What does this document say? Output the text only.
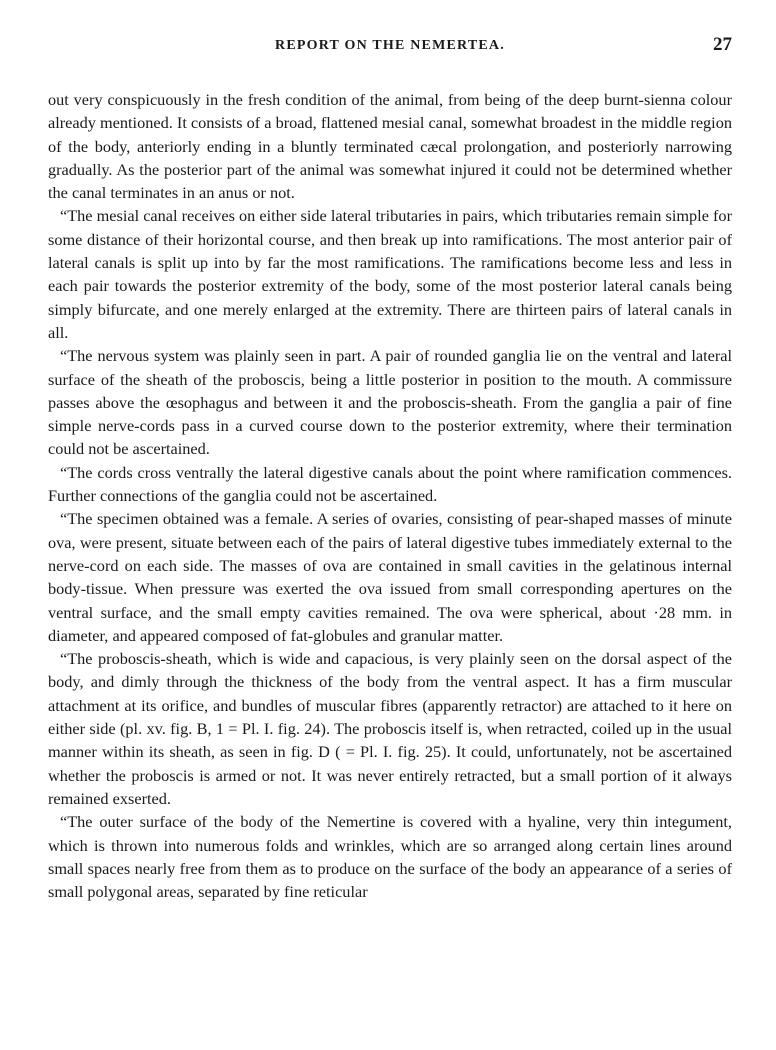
REPORT ON THE NEMERTEA.	27

out very conspicuously in the fresh condition of the animal, from being of the deep burnt-sienna colour already mentioned. It consists of a broad, flattened mesial canal, somewhat broadest in the middle region of the body, anteriorly ending in a bluntly terminated cæcal prolongation, and posteriorly narrowing gradually. As the posterior part of the animal was somewhat injured it could not be determined whether the canal terminates in an anus or not.

“The mesial canal receives on either side lateral tributaries in pairs, which tributaries remain simple for some distance of their horizontal course, and then break up into ramifications. The most anterior pair of lateral canals is split up into by far the most ramifications. The ramifications become less and less in each pair towards the posterior extremity of the body, some of the most posterior lateral canals being simply bifurcate, and one merely enlarged at the extremity. There are thirteen pairs of lateral canals in all.

“The nervous system was plainly seen in part. A pair of rounded ganglia lie on the ventral and lateral surface of the sheath of the proboscis, being a little posterior in position to the mouth. A commissure passes above the œsophagus and between it and the proboscis-sheath. From the ganglia a pair of fine simple nerve-cords pass in a curved course down to the posterior extremity, where their termination could not be ascertained.

“The cords cross ventrally the lateral digestive canals about the point where ramification commences. Further connections of the ganglia could not be ascertained.

“The specimen obtained was a female. A series of ovaries, consisting of pear-shaped masses of minute ova, were present, situate between each of the pairs of lateral digestive tubes immediately external to the nerve-cord on each side. The masses of ova are contained in small cavities in the gelatinous internal body-tissue. When pressure was exerted the ova issued from small corresponding apertures on the ventral surface, and the small empty cavities remained. The ova were spherical, about ·28 mm. in diameter, and appeared composed of fat-globules and granular matter.

“The proboscis-sheath, which is wide and capacious, is very plainly seen on the dorsal aspect of the body, and dimly through the thickness of the body from the ventral aspect. It has a firm muscular attachment at its orifice, and bundles of muscular fibres (apparently retractor) are attached to it here on either side (pl. xv. fig. B, 1 = Pl. I. fig. 24). The proboscis itself is, when retracted, coiled up in the usual manner within its sheath, as seen in fig. D ( = Pl. I. fig. 25). It could, unfortunately, not be ascertained whether the proboscis is armed or not. It was never entirely retracted, but a small portion of it always remained exserted.

“The outer surface of the body of the Nemertine is covered with a hyaline, very thin integument, which is thrown into numerous folds and wrinkles, which are so arranged along certain lines around small spaces nearly free from them as to produce on the surface of the body an appearance of a series of small polygonal areas, separated by fine reticular
